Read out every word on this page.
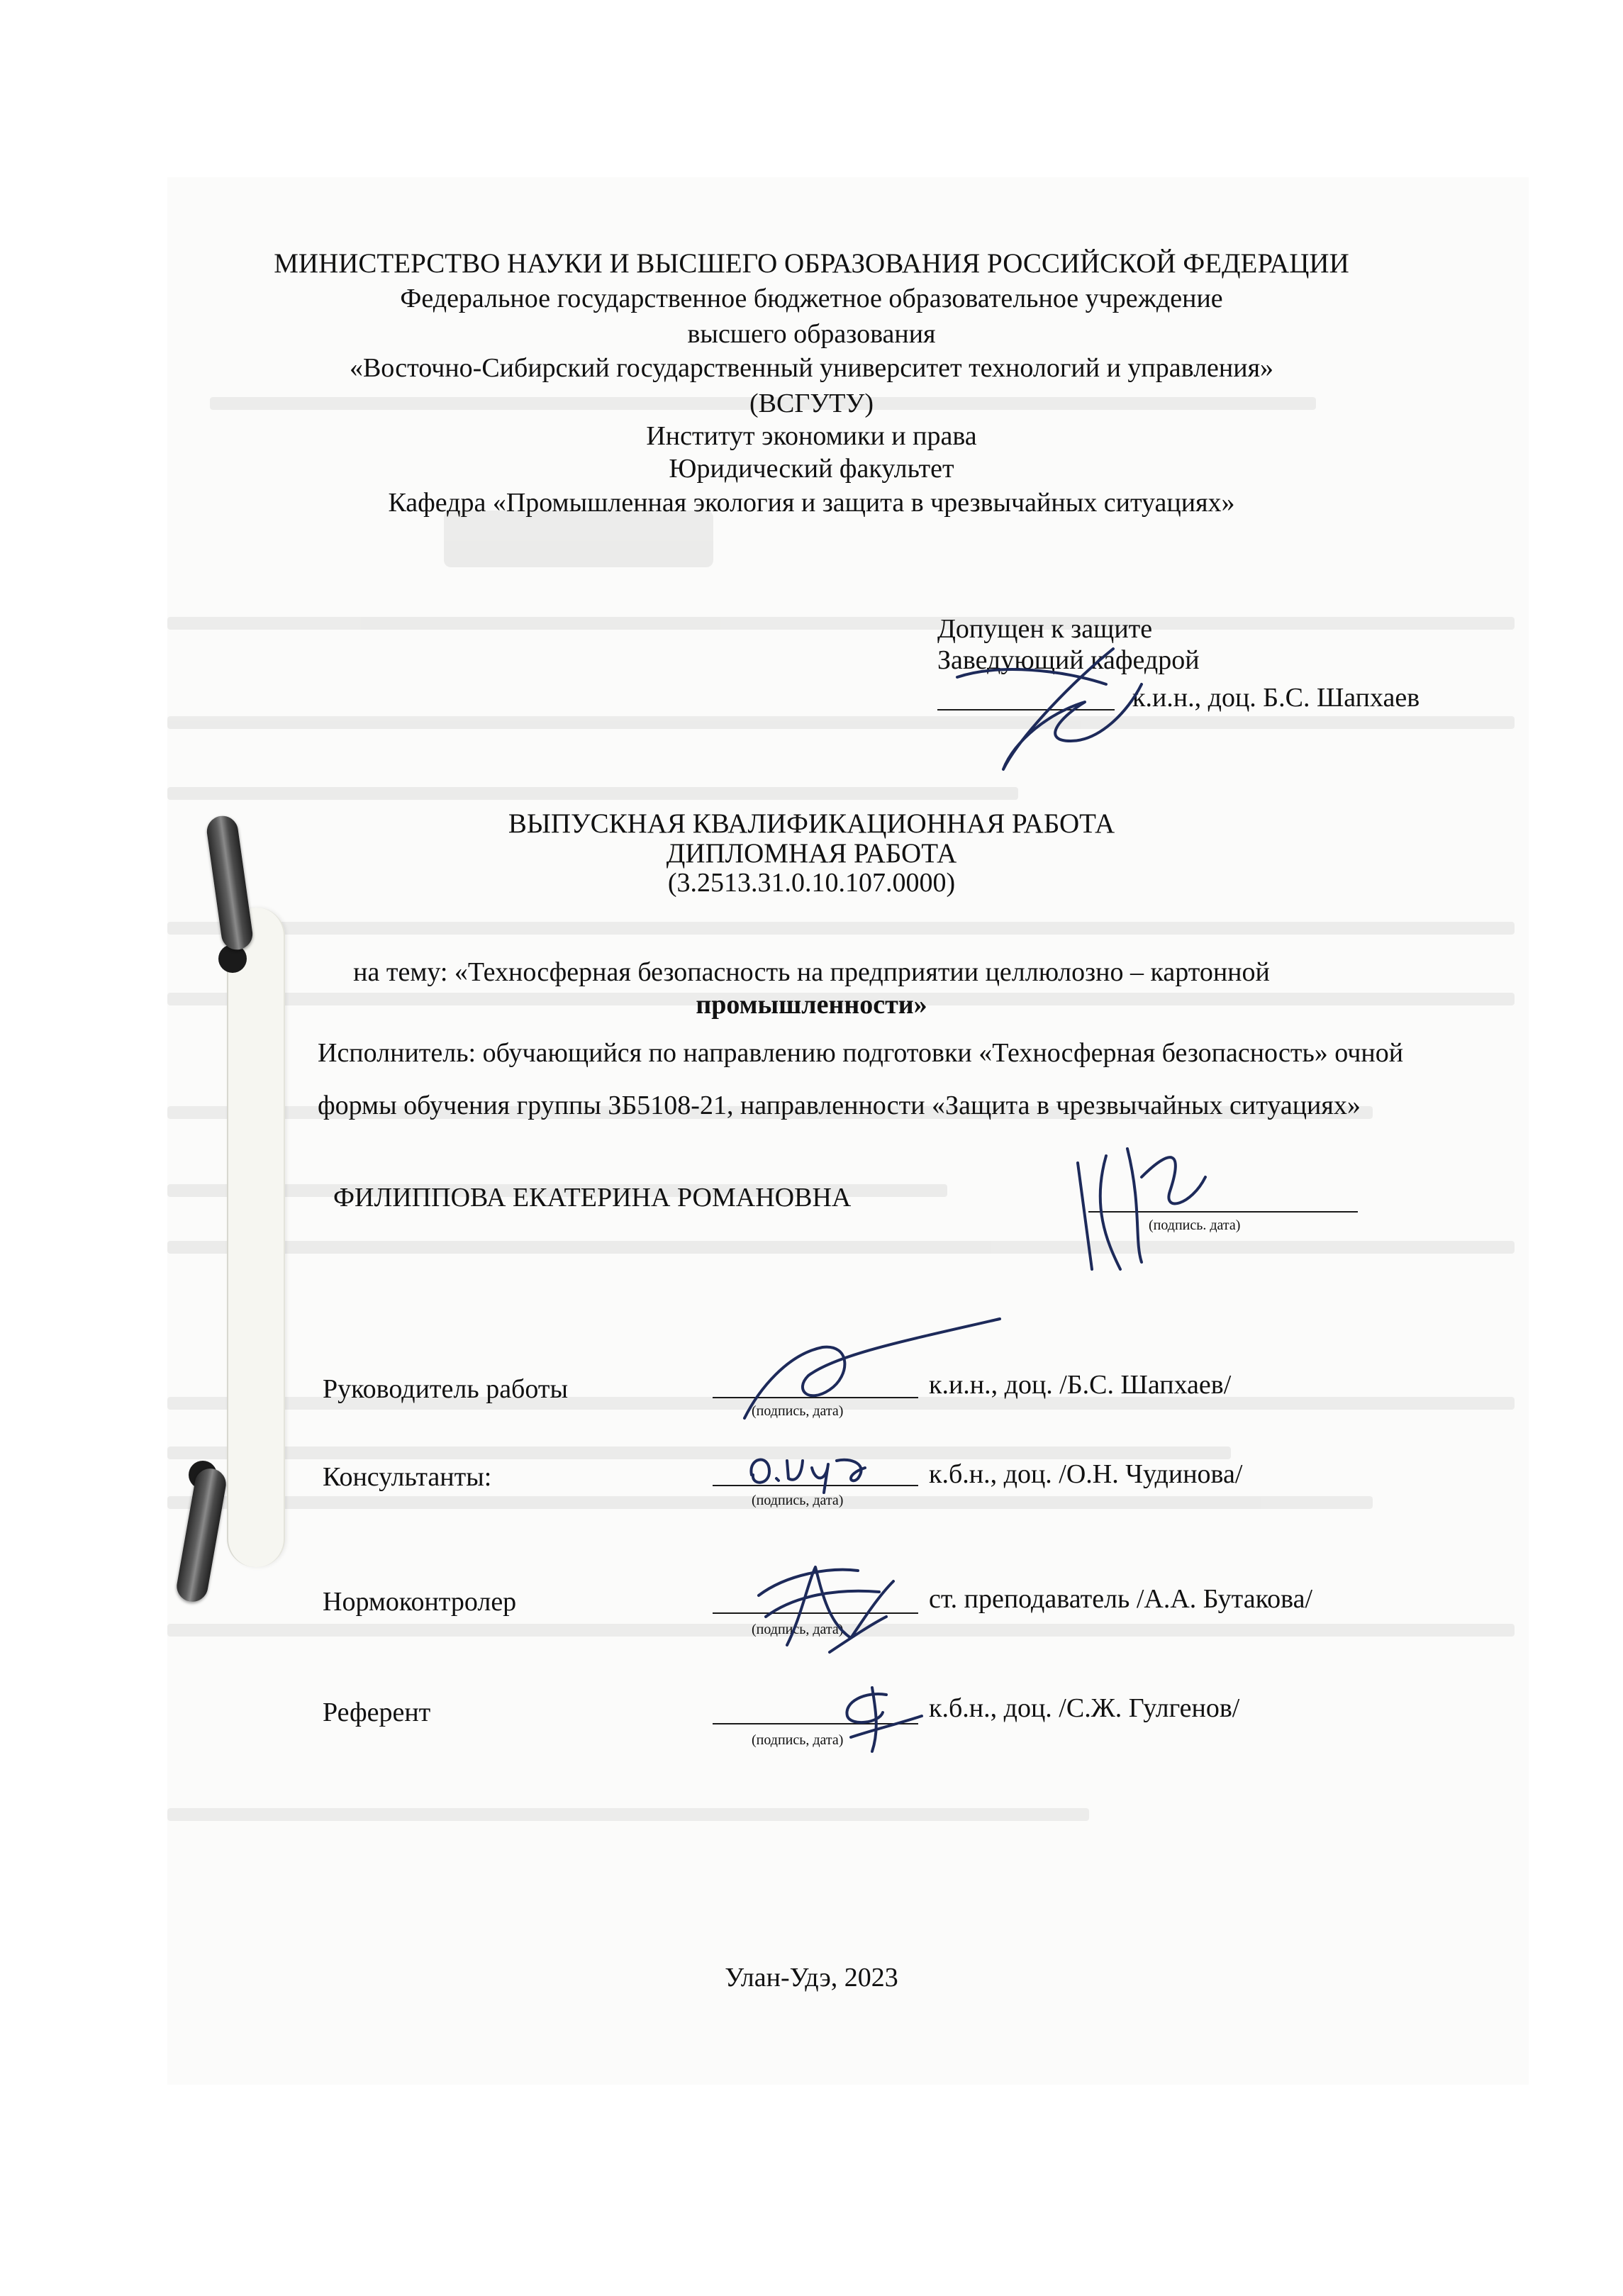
МИНИСТЕРСТВО НАУКИ И ВЫСШЕГО ОБРАЗОВАНИЯ РОССИЙСКОЙ ФЕДЕРАЦИИ
Федеральное государственное бюджетное образовательное учреждение
высшего образования
«Восточно-Сибирский государственный университет технологий и управления»
(ВСГУТУ)
Институт экономики и права
Юридический факультет
Кафедра «Промышленная экология и защита в чрезвычайных ситуациях»
Допущен к защите
Заведующий кафедрой
к.и.н., доц. Б.С. Шапхаев
ВЫПУСКНАЯ КВАЛИФИКАЦИОННАЯ РАБОТА
ДИПЛОМНАЯ РАБОТА
(3.2513.31.0.10.107.0000)
на тему: «Техносферная безопасность на предприятии целлюлозно – картонной
промышленности»
Исполнитель: обучающийся по направлению подготовки «Техносферная безопасность» очной
формы обучения группы ЗБ5108-21, направленности «Защита в чрезвычайных ситуациях»
ФИЛИППОВА ЕКАТЕРИНА РОМАНОВНА
(подпись. дата)
Руководитель работы
(подпись, дата)
к.и.н., доц. /Б.С. Шапхаев/
Консультанты:
(подпись, дата)
к.б.н., доц. /О.Н. Чудинова/
Нормоконтролер
(подпись, дата)
ст. преподаватель /А.А. Бутакова/
Референт
(подпись, дата)
к.б.н., доц. /С.Ж. Гулгенов/
Улан-Удэ, 2023
